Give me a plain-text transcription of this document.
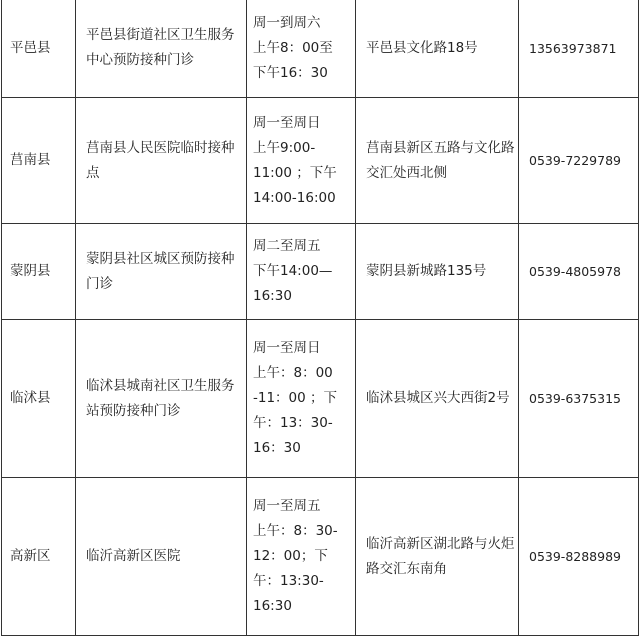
平邑县	平邑县街道社区卫生服务中心预防接种门诊	周一到周六
上午8：00至
下午16：30	平邑县文化路18号	13563973871
莒南县	莒南县人民医院临时接种点	周一至周日
上午9:00-
11:00 ；下午
14:00-16:00	莒南县新区五路与文化路交汇处西北侧	0539-7229789
蒙阴县	蒙阴县社区城区预防接种门诊	周二至周五
下午14:00—
16:30	蒙阴县新城路135号	0539-4805978
临沭县	临沭县城南社区卫生服务站预防接种门诊	周一至周日
上午：8：00
-11：00 ；下
午：13：30-
16：30	临沭县城区兴大西街2号	0539-6375315
高新区	临沂高新区医院	周一至周五
上午：8：30-
12：00；下
午：13:30-
16:30	临沂高新区湖北路与火炬路交汇东南角	0539-8288989
